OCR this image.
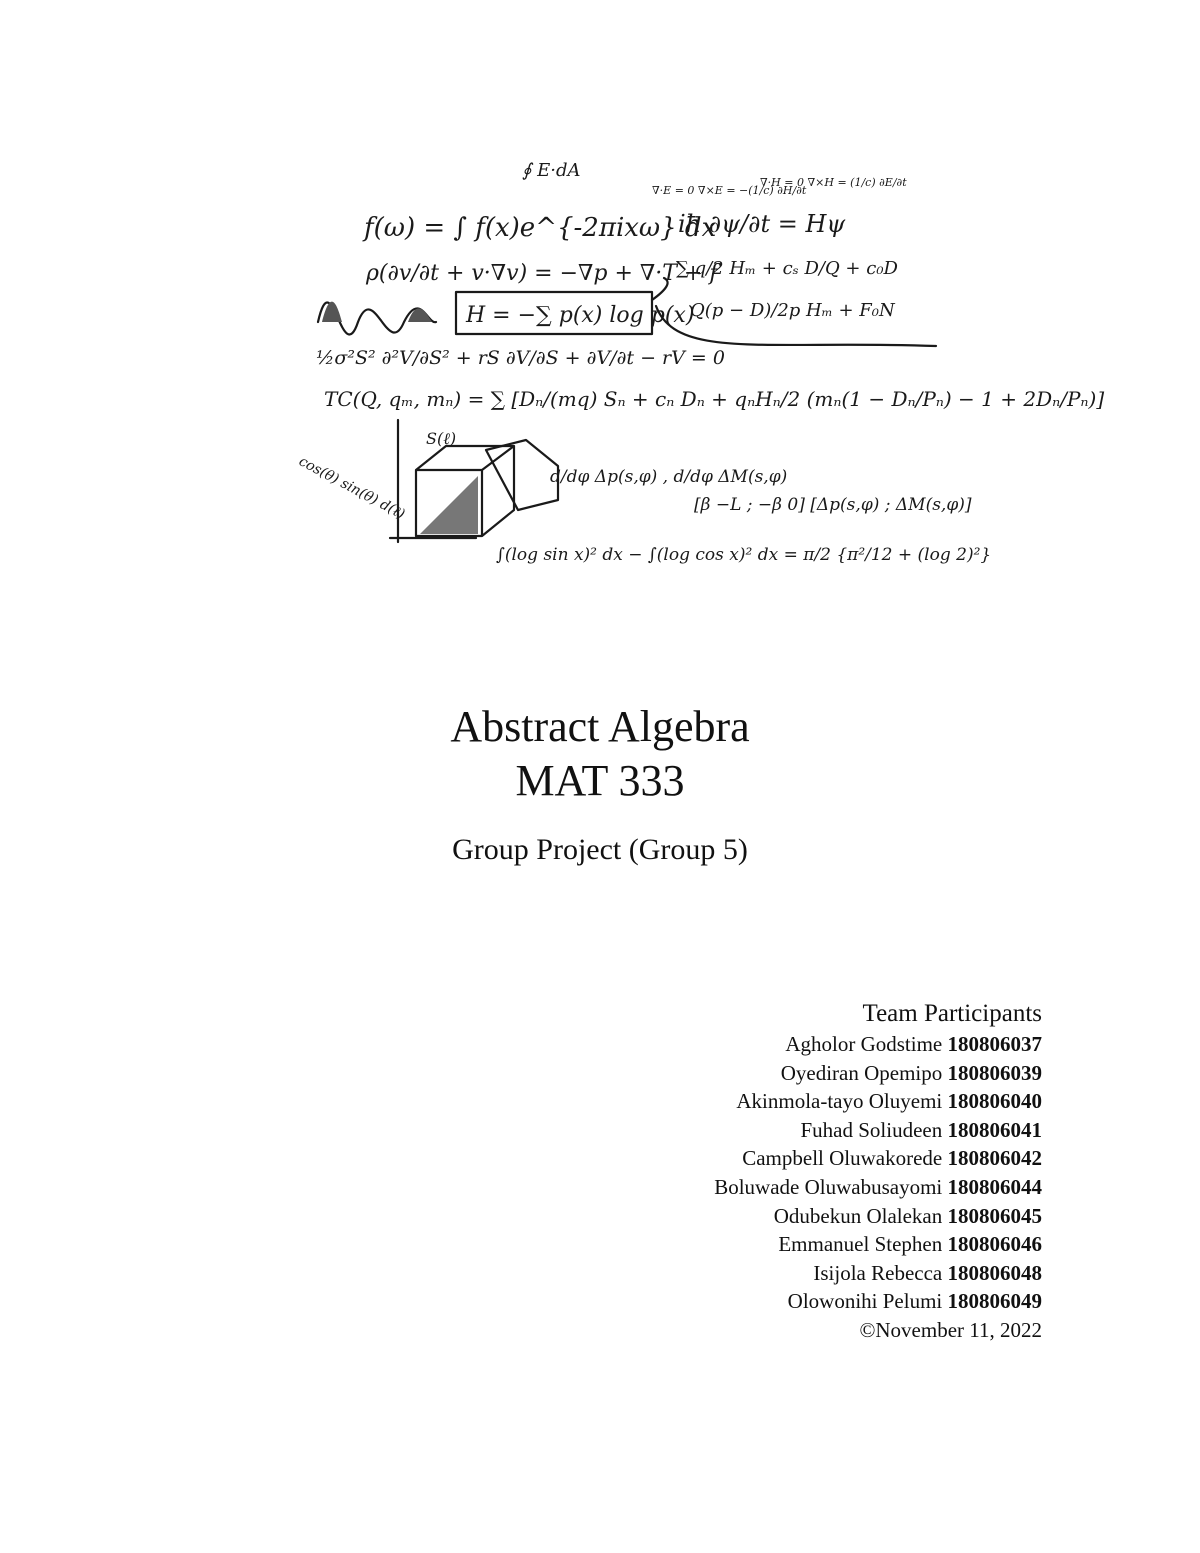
∮ E·dA
∇·E = 0 ∇×E = −(1/c) ∂H/∂t
∇·H = 0 ∇×H = (1/c) ∂E/∂t
f(ω) = ∫ f(x)e^{-2πixω} dx
iħ ∂ψ/∂t = Hψ
ρ(∂v/∂t + v·∇v) = −∇p + ∇·T + f
∑ q/2 Hₘ + cₛ D/Q + c₀D
H = −∑ p(x) log p(x)
Q(p − D)/2p Hₘ + F₀N
½σ²S² ∂²V/∂S² + rS ∂V/∂S + ∂V/∂t − rV = 0
TC(Q, qₘ, mₙ) = ∑ [Dₙ/(mq) Sₙ + cₙ Dₙ + qₙHₙ/2 (mₙ(1 − Dₙ/Pₙ) − 1 + 2Dₙ/Pₙ)]
cos(θ) sin(θ) d(ℓ)
S(ℓ)
d/dφ Δp(s,φ) , d/dφ ΔM(s,φ)
[β −L ; −β 0] [Δp(s,φ) ; ΔM(s,φ)]
∫(log sin x)² dx − ∫(log cos x)² dx = π/2 {π²/12 + (log 2)²}
Abstract Algebra
MAT 333
Group Project (Group 5)
Team Participants
Agholor Godstime 180806037
Oyediran Opemipo 180806039
Akinmola-tayo Oluyemi 180806040
Fuhad Soliudeen 180806041
Campbell Oluwakorede 180806042
Boluwade Oluwabusayomi 180806044
Odubekun Olalekan 180806045
Emmanuel Stephen 180806046
Isijola Rebecca 180806048
Olowonihi Pelumi 180806049
©November 11, 2022
